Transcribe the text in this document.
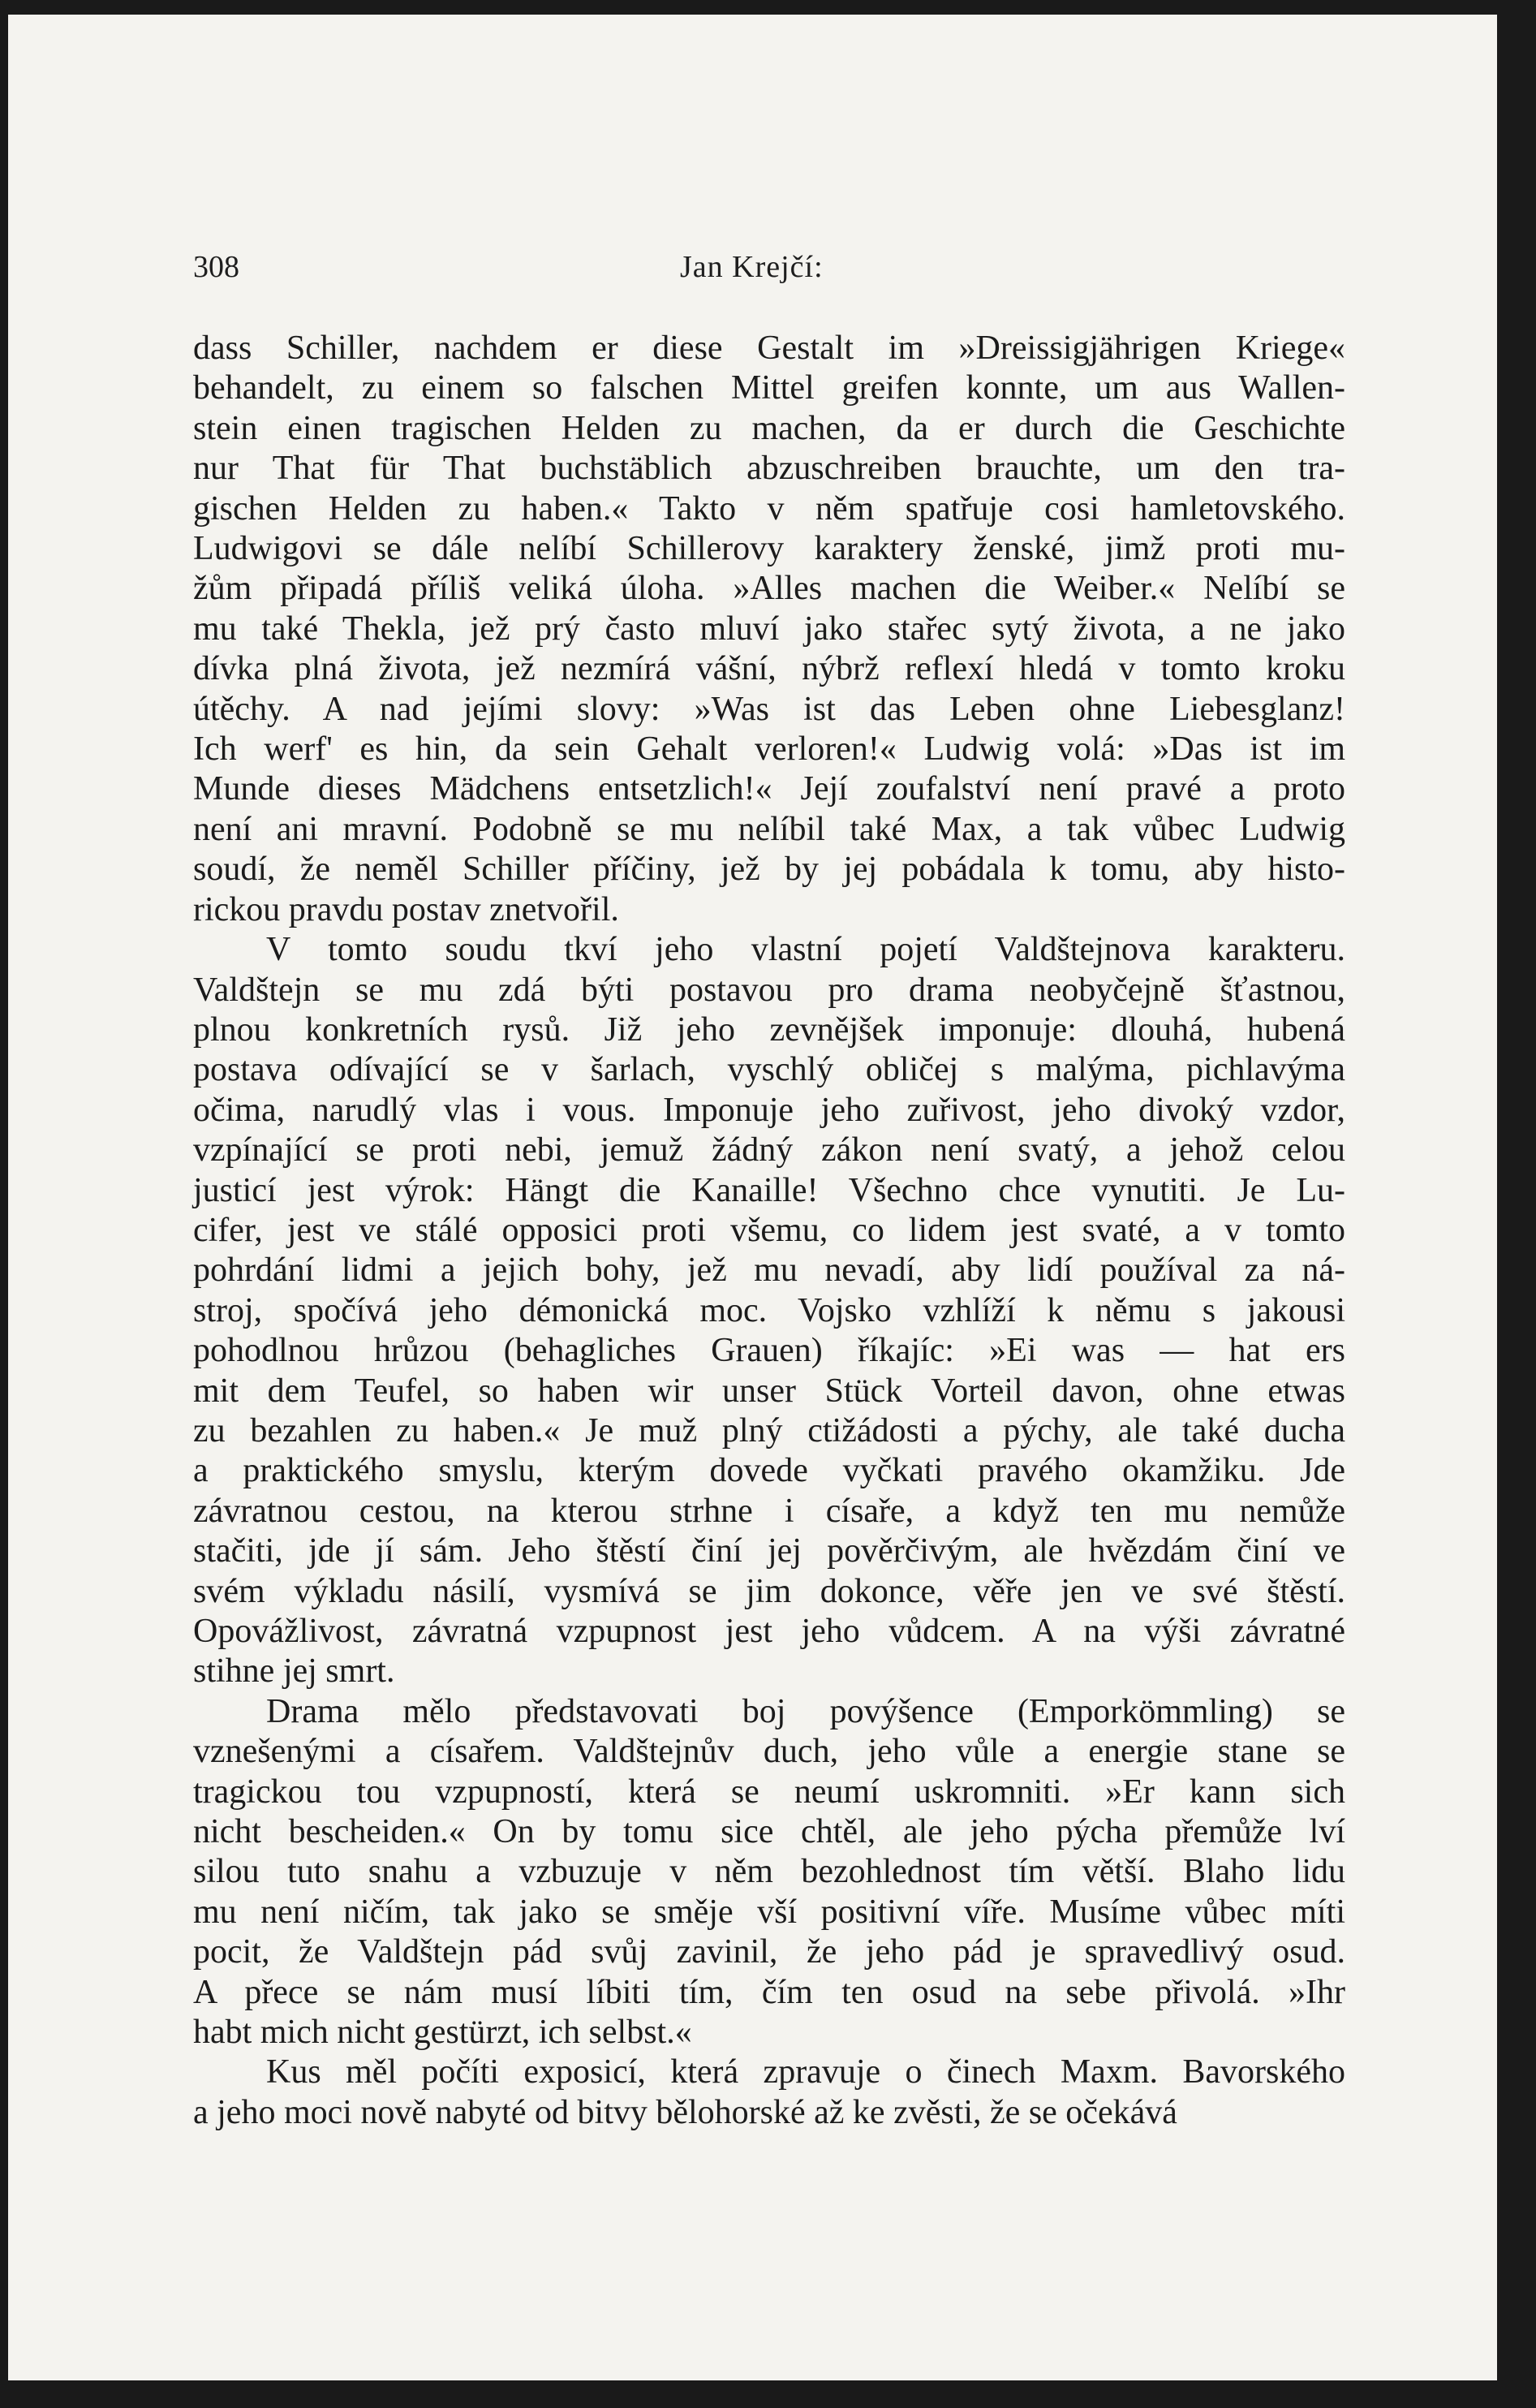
308	Jan Krejčí:
dass Schiller, nachdem er diese Gestalt im »Dreissigjährigen Kriege«
behandelt, zu einem so falschen Mittel greifen konnte, um aus Wallen-
stein einen tragischen Helden zu machen, da er durch die Geschichte
nur That für That buchstäblich abzuschreiben brauchte, um den tra-
gischen Helden zu haben.« Takto v něm spatřuje cosi hamletovského.
Ludwigovi se dále nelíbí Schillerovy karaktery ženské, jimž proti mu-
žům připadá příliš veliká úloha. »Alles machen die Weiber.« Nelíbí se
mu také Thekla, jež prý často mluví jako stařec sytý života, a ne jako
dívka plná života, jež nezmírá vášní, nýbrž reflexí hledá v tomto kroku
útěchy. A nad jejími slovy: »Was ist das Leben ohne Liebesglanz!
Ich werf' es hin, da sein Gehalt verloren!« Ludwig volá: »Das ist im
Munde dieses Mädchens entsetzlich!« Její zoufalství není pravé a proto
není ani mravní. Podobně se mu nelíbil také Max, a tak vůbec Ludwig
soudí, že neměl Schiller příčiny, jež by jej pobádala k tomu, aby histo-
rickou pravdu postav znetvořil.
V tomto soudu tkví jeho vlastní pojetí Valdštejnova karakteru.
Valdštejn se mu zdá býti postavou pro drama neobyčejně šťastnou,
plnou konkretních rysů. Již jeho zevnějšek imponuje: dlouhá, hubená
postava odívající se v šarlach, vyschlý obličej s malýma, pichlavýma
očima, narudlý vlas i vous. Imponuje jeho zuřivost, jeho divoký vzdor,
vzpínající se proti nebi, jemuž žádný zákon není svatý, a jehož celou
justicí jest výrok: Hängt die Kanaille! Všechno chce vynutiti. Je Lu-
cifer, jest ve stálé opposici proti všemu, co lidem jest svaté, a v tomto
pohrdání lidmi a jejich bohy, jež mu nevadí, aby lidí používal za ná-
stroj, spočívá jeho démonická moc. Vojsko vzhlíží k němu s jakousi
pohodlnou hrůzou (behagliches Grauen) říkajíc: »Ei was — hat ers
mit dem Teufel, so haben wir unser Stück Vorteil davon, ohne etwas
zu bezahlen zu haben.« Je muž plný ctižádosti a pýchy, ale také ducha
a praktického smyslu, kterým dovede vyčkati pravého okamžiku. Jde
závratnou cestou, na kterou strhne i císaře, a když ten mu nemůže
stačiti, jde jí sám. Jeho štěstí činí jej pověrčivým, ale hvězdám činí ve
svém výkladu násilí, vysmívá se jim dokonce, věře jen ve své štěstí.
Opovážlivost, závratná vzpupnost jest jeho vůdcem. A na výši závratné
stihne jej smrt.
Drama mělo představovati boj povýšence (Emporkömmling) se
vznešenými a císařem. Valdštejnův duch, jeho vůle a energie stane se
tragickou tou vzpupností, která se neumí uskromniti. »Er kann sich
nicht bescheiden.« On by tomu sice chtěl, ale jeho pýcha přemůže lví
silou tuto snahu a vzbuzuje v něm bezohlednost tím větší. Blaho lidu
mu není ničím, tak jako se směje vší positivní víře. Musíme vůbec míti
pocit, že Valdštejn pád svůj zavinil, že jeho pád je spravedlivý osud.
A přece se nám musí líbiti tím, čím ten osud na sebe přivolá. »Ihr
habt mich nicht gestürzt, ich selbst.«
Kus měl počíti exposicí, která zpravuje o činech Maxm. Bavorského
a jeho moci nově nabyté od bitvy bělohorské až ke zvěsti, že se očekává
